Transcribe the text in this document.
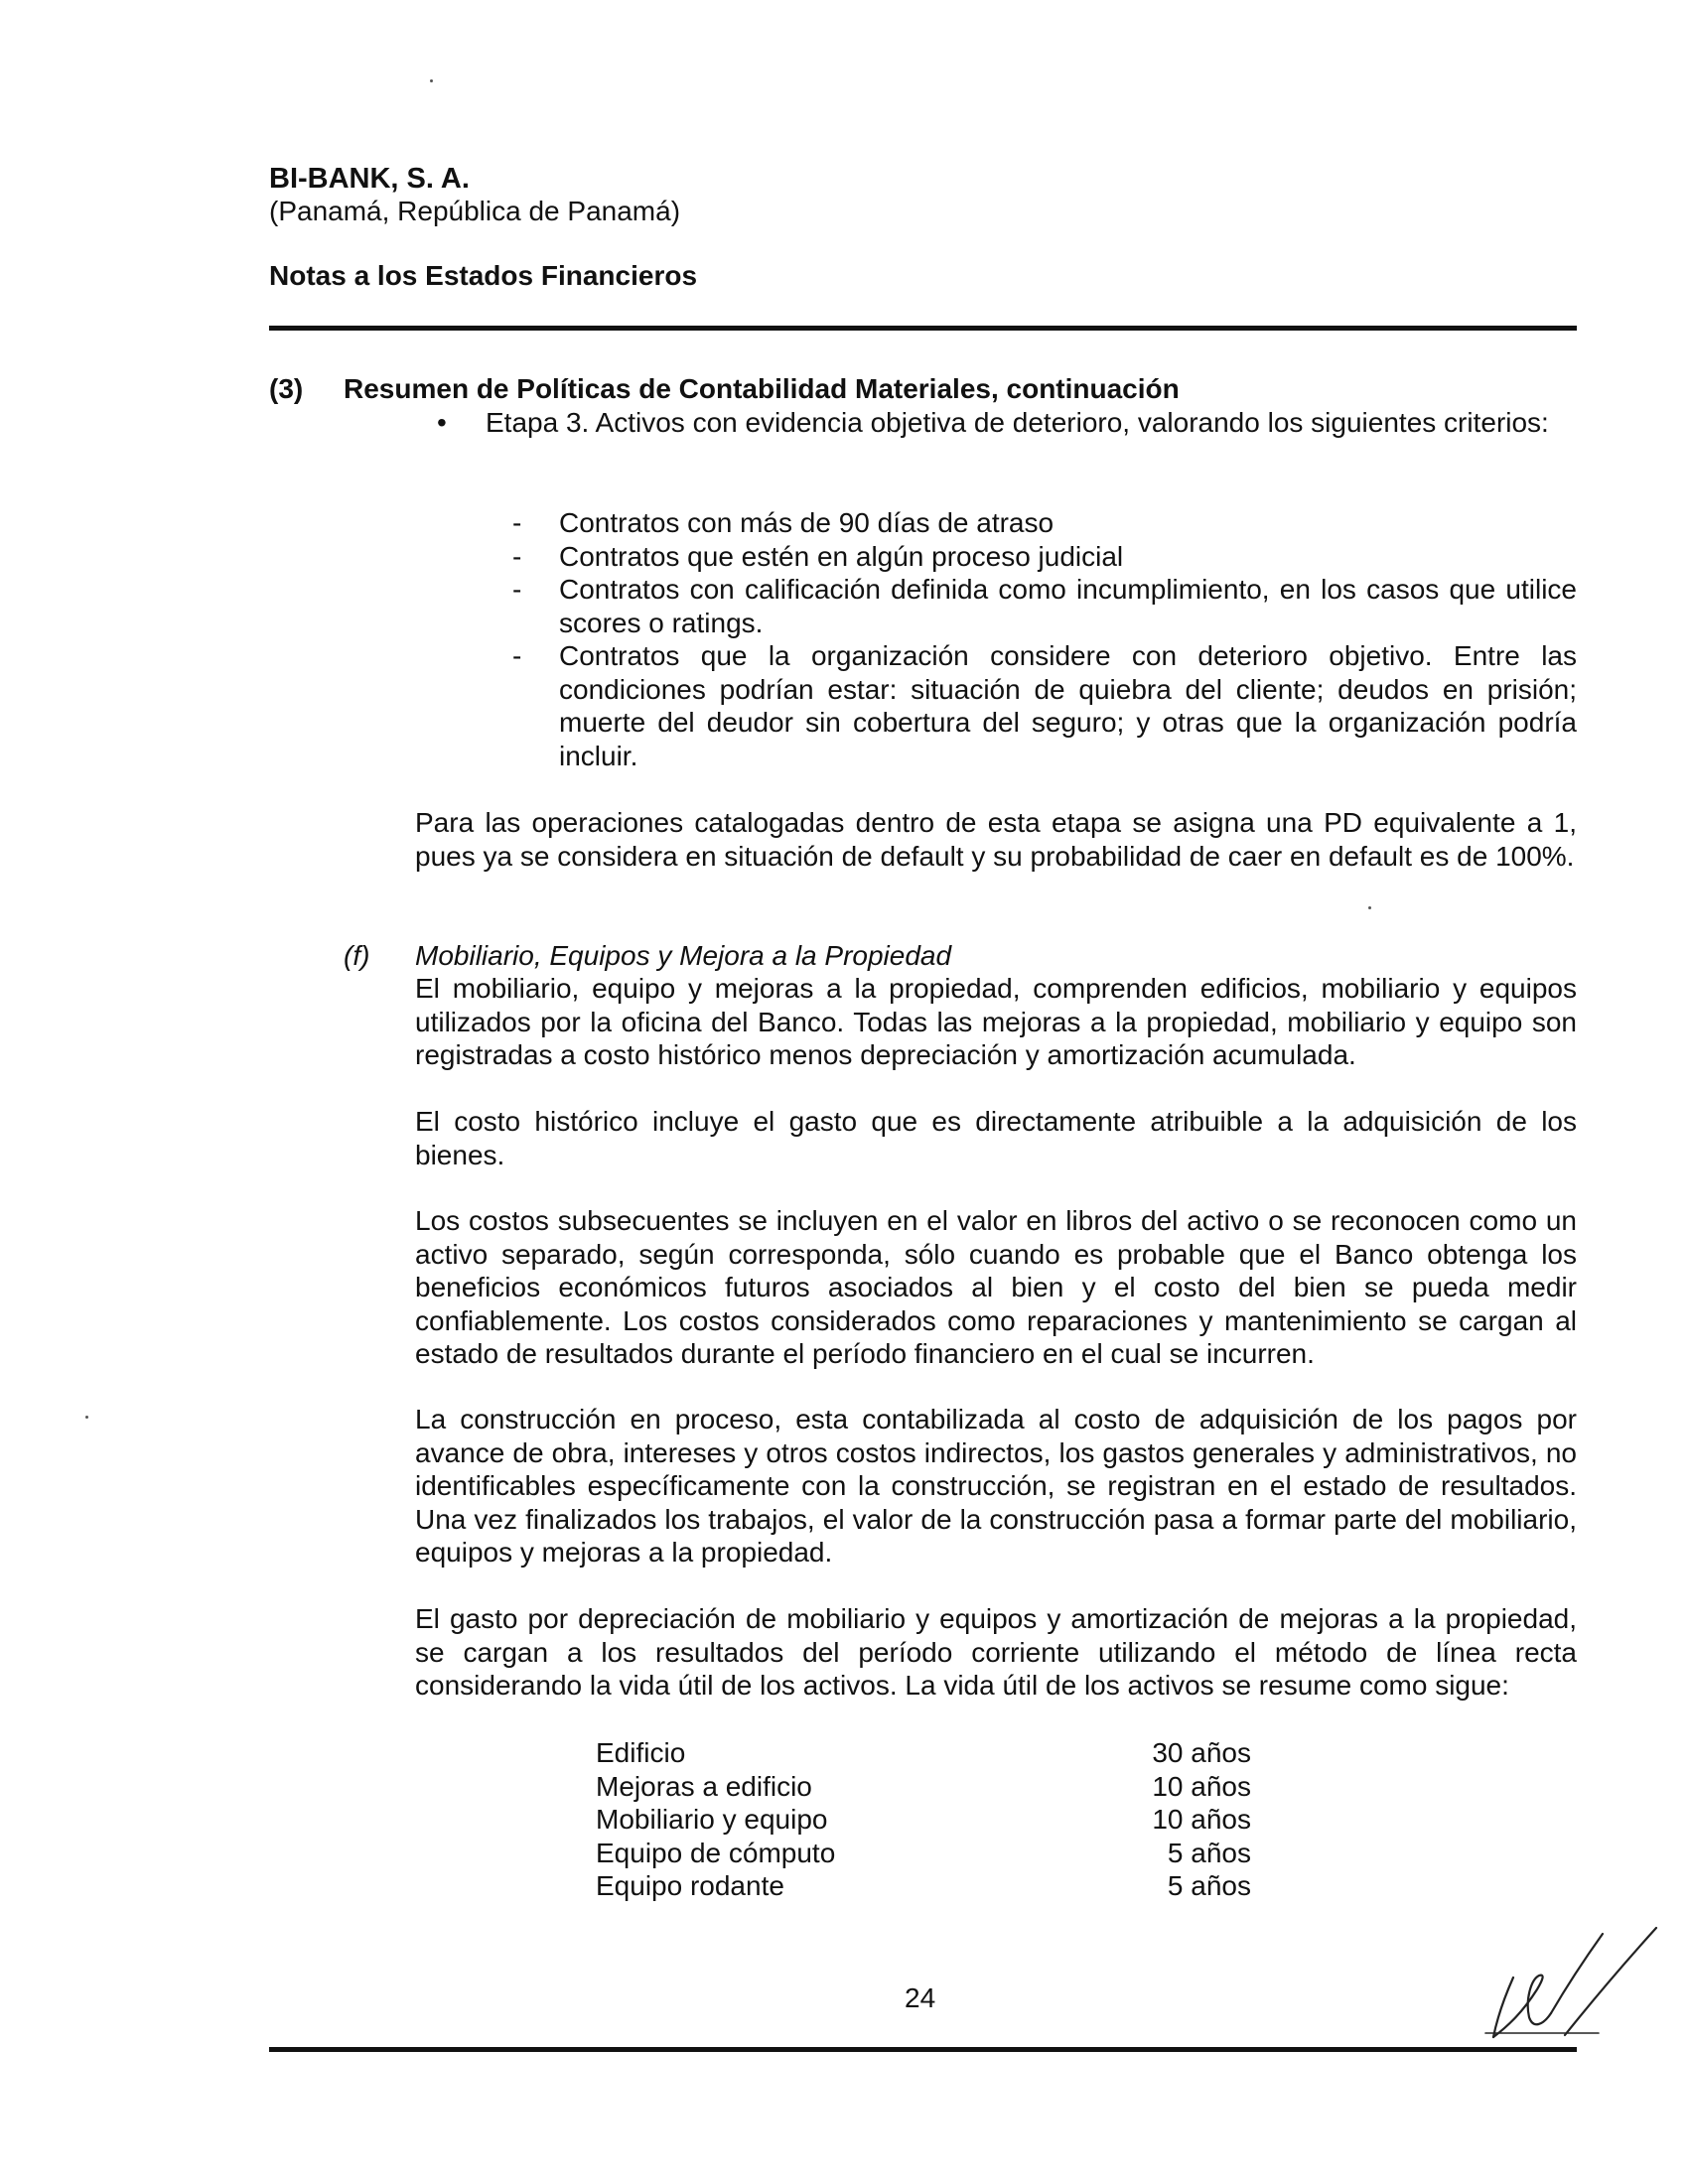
BI-BANK, S. A.
(Panamá, República de Panamá)
Notas a los Estados Financieros
(3) Resumen de Políticas de Contabilidad Materiales, continuación
• Etapa 3. Activos con evidencia objetiva de deterioro, valorando los siguientes criterios:
- Contratos con más de 90 días de atraso
- Contratos que estén en algún proceso judicial
- Contratos con calificación definida como incumplimiento, en los casos que utilice scores o ratings.
- Contratos que la organización considere con deterioro objetivo. Entre las condiciones podrían estar: situación de quiebra del cliente; deudos en prisión; muerte del deudor sin cobertura del seguro; y otras que la organización podría incluir.
Para las operaciones catalogadas dentro de esta etapa se asigna una PD equivalente a 1, pues ya se considera en situación de default y su probabilidad de caer en default es de 100%.
(f) Mobiliario, Equipos y Mejora a la Propiedad
El mobiliario, equipo y mejoras a la propiedad, comprenden edificios, mobiliario y equipos utilizados por la oficina del Banco. Todas las mejoras a la propiedad, mobiliario y equipo son registradas a costo histórico menos depreciación y amortización acumulada.
El costo histórico incluye el gasto que es directamente atribuible a la adquisición de los bienes.
Los costos subsecuentes se incluyen en el valor en libros del activo o se reconocen como un activo separado, según corresponda, sólo cuando es probable que el Banco obtenga los beneficios económicos futuros asociados al bien y el costo del bien se pueda medir confiablemente. Los costos considerados como reparaciones y mantenimiento se cargan al estado de resultados durante el período financiero en el cual se incurren.
La construcción en proceso, esta contabilizada al costo de adquisición de los pagos por avance de obra, intereses y otros costos indirectos, los gastos generales y administrativos, no identificables específicamente con la construcción, se registran en el estado de resultados. Una vez finalizados los trabajos, el valor de la construcción pasa a formar parte del mobiliario, equipos y mejoras a la propiedad.
El gasto por depreciación de mobiliario y equipos y amortización de mejoras a la propiedad, se cargan a los resultados del período corriente utilizando el método de línea recta considerando la vida útil de los activos. La vida útil de los activos se resume como sigue:
Edificio	30 años
Mejoras a edificio	10 años
Mobiliario y equipo	10 años
Equipo de cómputo	5 años
Equipo rodante	5 años
24
